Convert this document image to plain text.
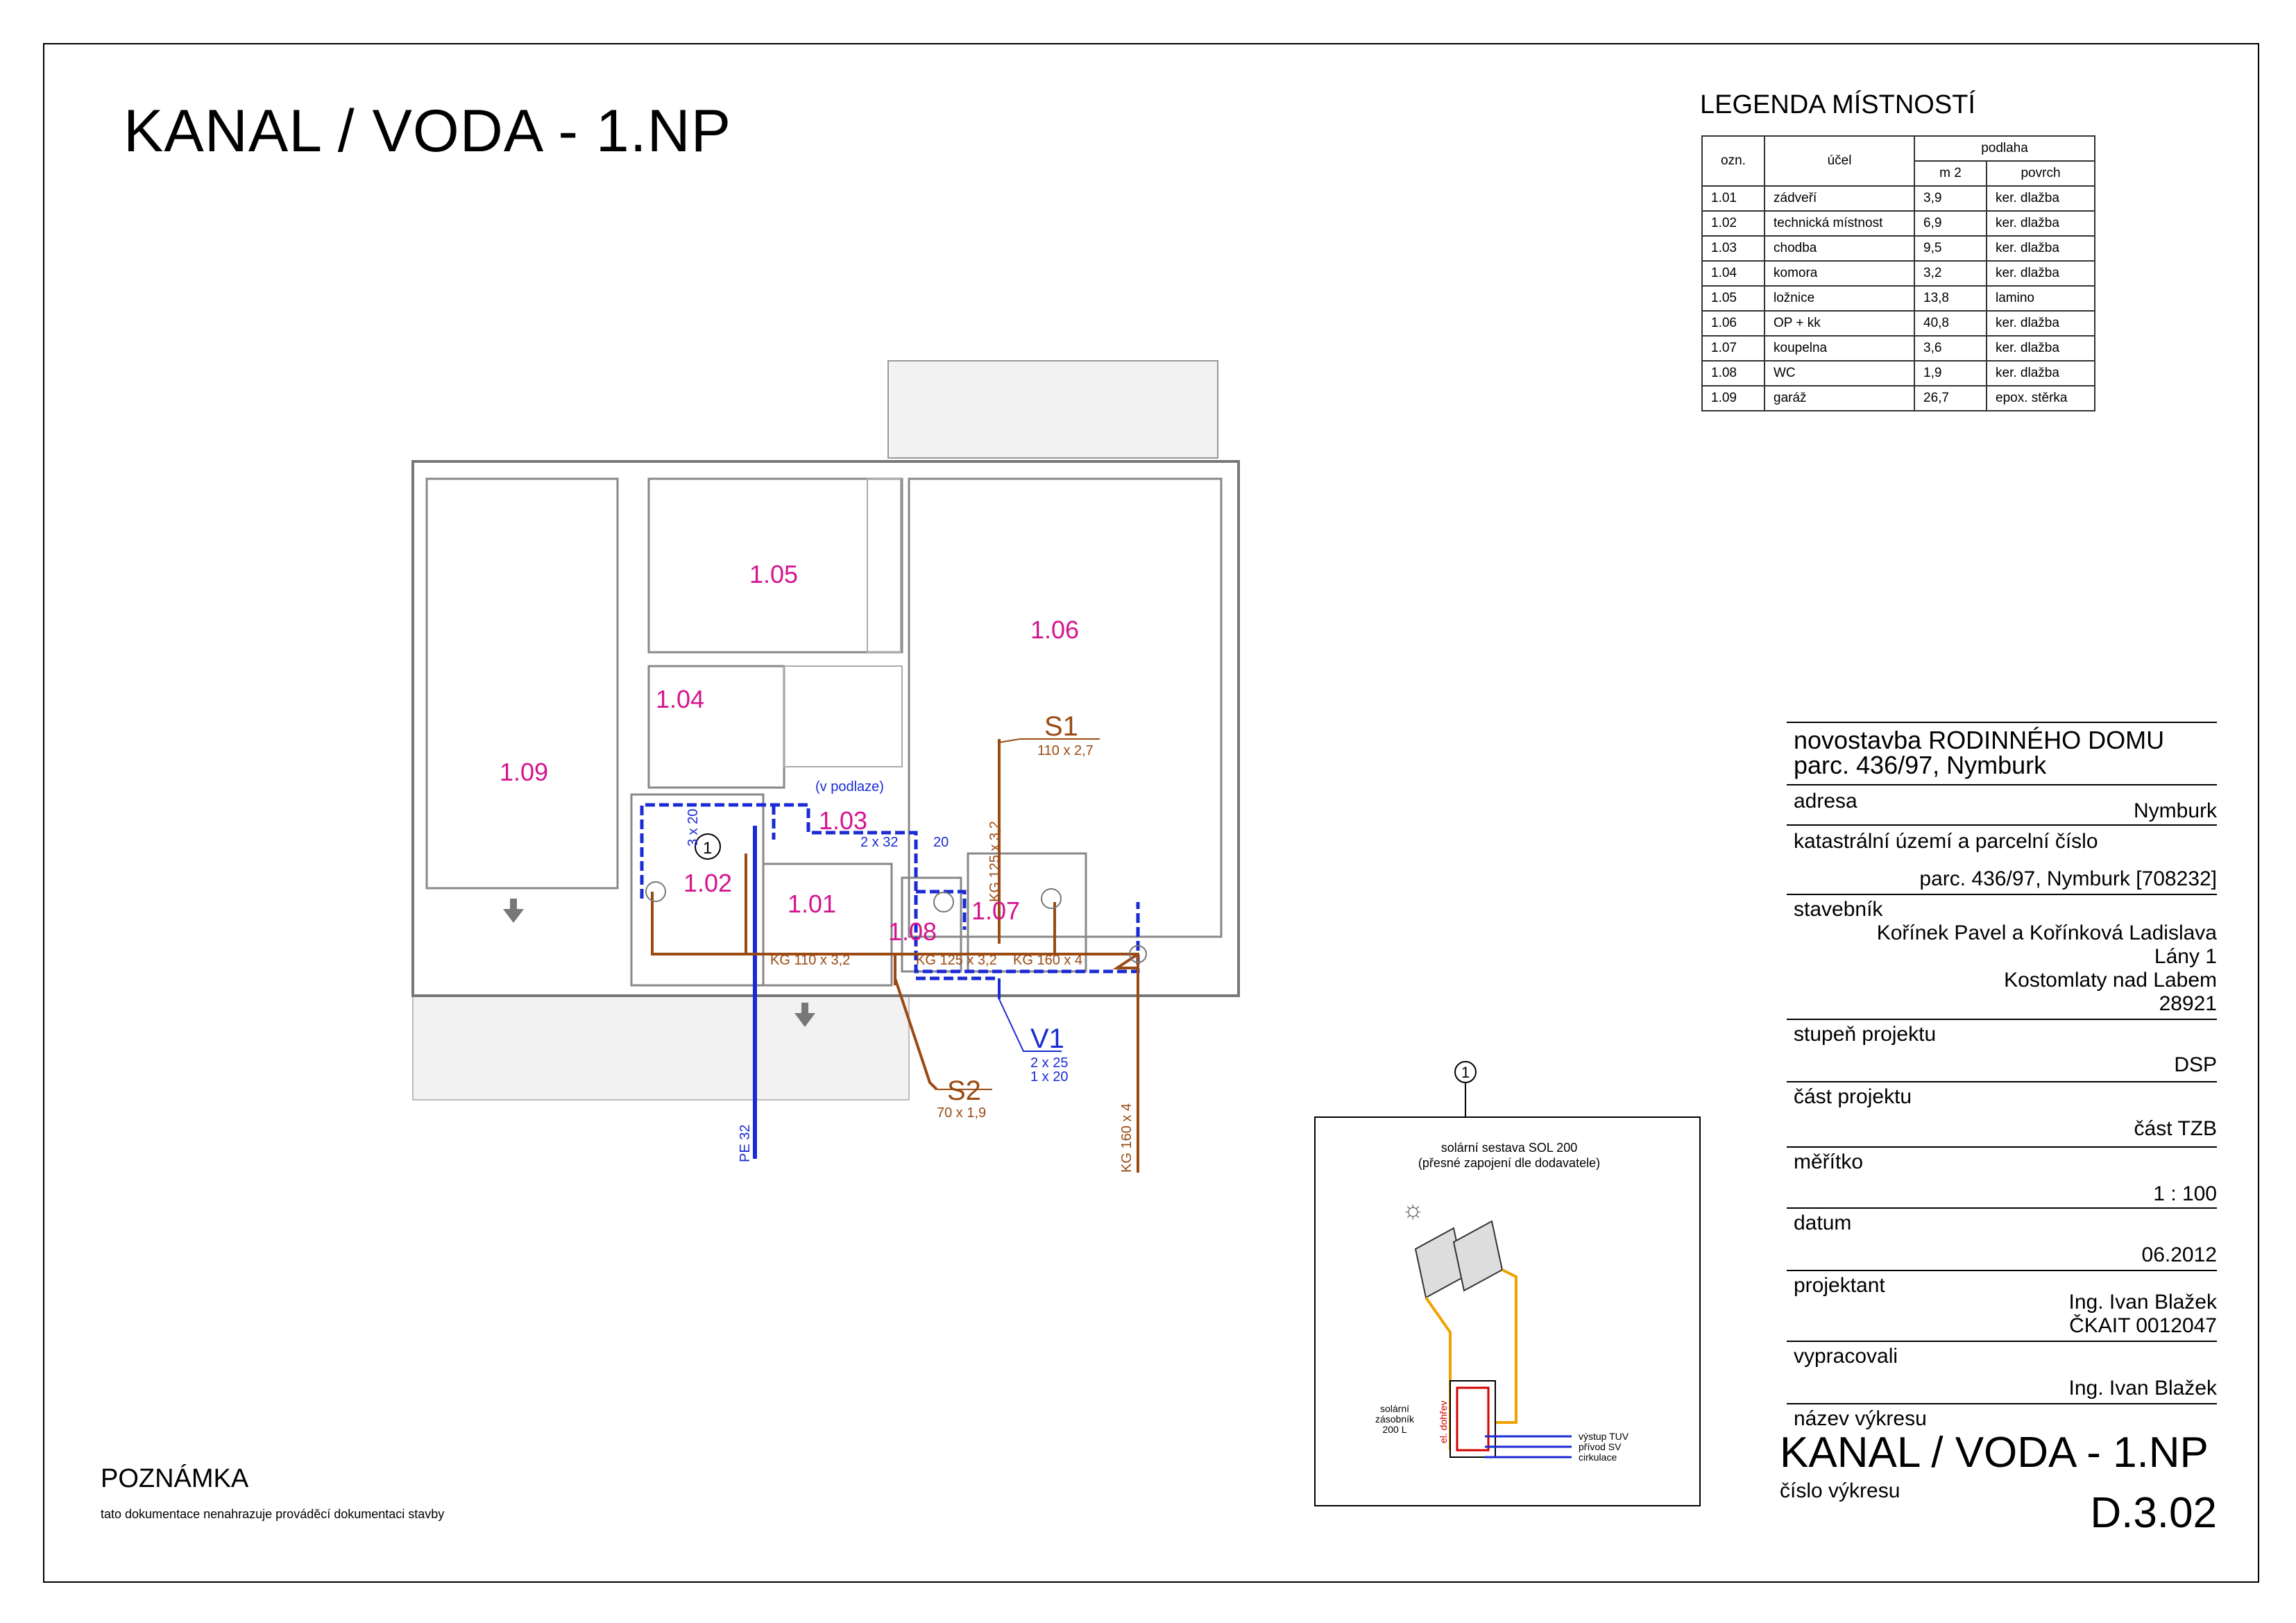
KANAL / VODA - 1.NP	LEGENDA MÍSTNOSTÍ
ozn.	účel	podlaha	
		m 2	povrch
1.01	zádveří	3,9	ker. dlažba
1.02	technická místnost	6,9	ker. dlažba
1.03	chodba	9,5	ker. dlažba
1.04	komora	3,2	ker. dlažba
1.05	ložnice	13,8	lamino
1.06	OP + kk	40,8	ker. dlažba
1.07	koupelna	3,6	ker. dlažba
1.08	WC	1,9	ker. dlažba
1.09	garáž	26,7	epox. stěrka
1
1.09
1.05
1.06
1.04
1.03
1.02
1.01	1.07
1.08
S1
110 x 2,7
S2
70 x 1,9
V1
2 x 25
1 x 20
(v podlaze)
3 x 20	2 x 32	20
KG 110 x 3,2	KG 125 x 3,2 KG 160 x 4
KG 125 x 3,2
KG 160 x 4
PE 32
1
solární sestava SOL 200
(přesné zapojení dle dodavatele)
☼
solární
zásobník
200 L	el. dohřev	výstup TUV
přívod SV
cirkulace
novostavba RODINNÉHO DOMU
parc. 436/97, Nymburk
adresa	Nymburk
katastrální území a parcelní číslo
parc. 436/97, Nymburk [708232]
stavebník
Kořínek Pavel a Kořínková Ladislava
Lány 1
Kostomlaty nad Labem
28921
stupeň projektu
DSP
část projektu
část TZB
měřítko
1 : 100
datum
06.2012
projektant
Ing. Ivan Blažek
ČKAIT 0012047
vypracovali
Ing. Ivan Blažek
název výkresu
KANAL / VODA - 1.NP
číslo výkresu	D.3.02
POZNÁMKA
tato dokumentace nenahrazuje prováděcí dokumentaci stavby
